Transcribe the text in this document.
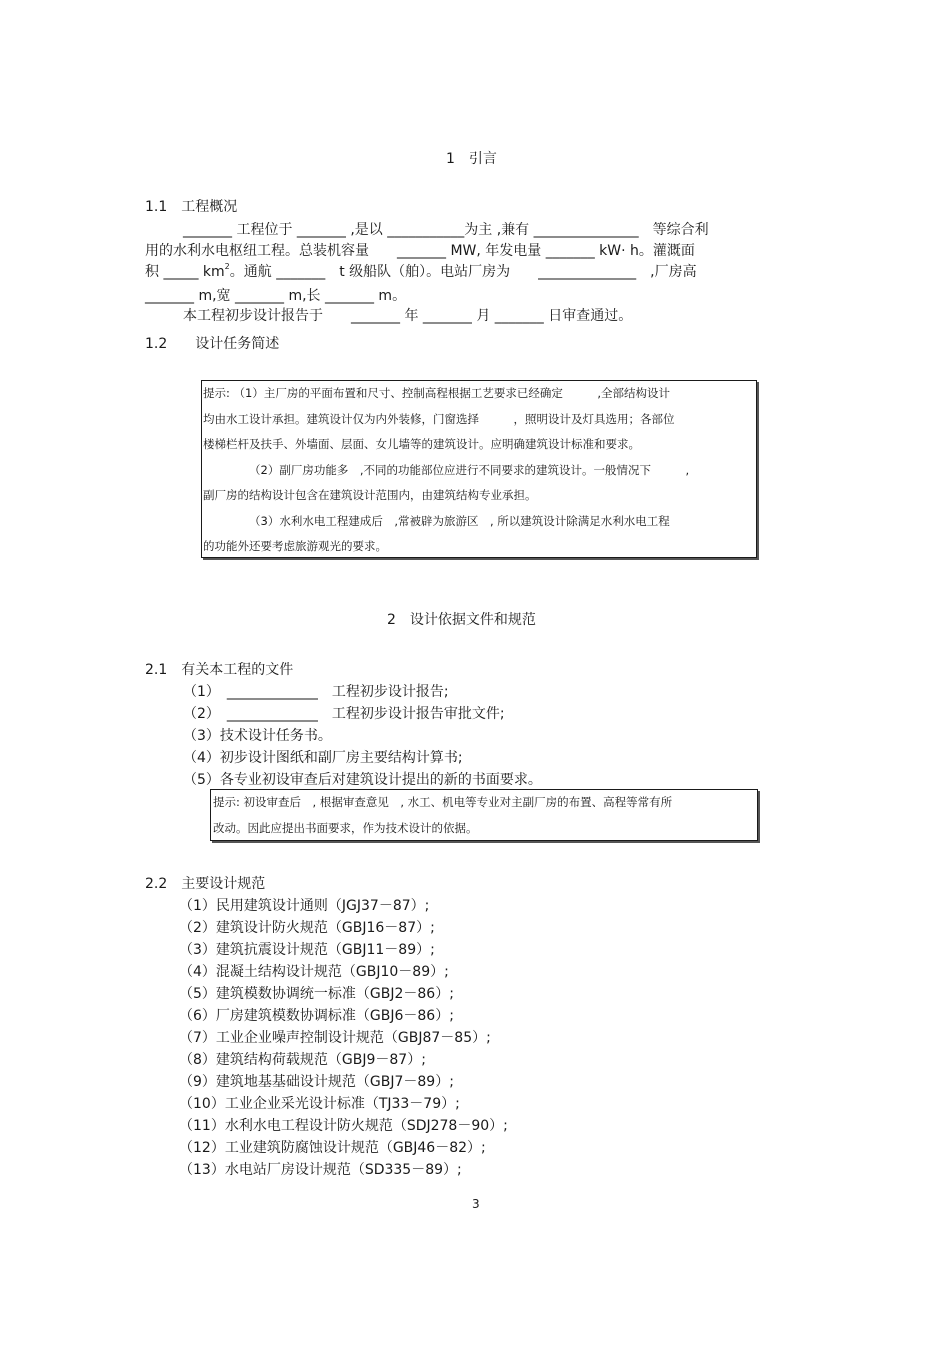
1　引言
1.1　工程概况
_______ 工程位于 _______ ,是以 ___________为主 ,兼有 _______________　等综合利
用的水利水电枢纽工程。总装机容量　　_______ MW, 年发电量 _______ kW· h。灌溉面
积 _____ $km^2$。通航 _______　t 级船队（舶）。电站厂房为　　______________　,厂房高
_______ m,宽 _______ m,长 _______ m。
本工程初步设计报告于　　_______ 年 _______ 月 _______ 日审查通过。
1.2　　设计任务简述
提示: （1）主厂房的平面布置和尺寸、控制高程根据工艺要求已经确定　　　,全部结构设计
均由水工设计承担。建筑设计仅为内外装修，门窗选择　　　，照明设计及灯具选用；各部位
楼梯栏杆及扶手、外墙面、层面、女儿墙等的建筑设计。应明确建筑设计标准和要求。
（2）副厂房功能多　,不同的功能部位应进行不同要求的建筑设计。一般情况下　　　,
副厂房的结构设计包含在建筑设计范围内，由建筑结构专业承担。
（3）水利水电工程建成后　,常被辟为旅游区　, 所以建筑设计除满足水利水电工程
的功能外还要考虑旅游观光的要求。
2　设计依据文件和规范
2.1　有关本工程的文件
（1）　_____________　工程初步设计报告;
（2）　_____________　工程初步设计报告审批文件;
（3）技术设计任务书。
（4）初步设计图纸和副厂房主要结构计算书;
（5）各专业初设审查后对建筑设计提出的新的书面要求。
提示: 初设审查后　, 根据审查意见　, 水工、机电等专业对主副厂房的布置、高程等常有所
改动。因此应提出书面要求，作为技术设计的依据。
2.2　主要设计规范
（1）民用建筑设计通则（JGJ37－87）;
（2）建筑设计防火规范（GBJ16－87）;
（3）建筑抗震设计规范（GBJ11－89）;
（4）混凝土结构设计规范（GBJ10－89）;
（5）建筑模数协调统一标准（GBJ2－86）;
（6）厂房建筑模数协调标准（GBJ6－86）;
（7）工业企业噪声控制设计规范（GBJ87－85）;
（8）建筑结构荷载规范（GBJ9－87）;
（9）建筑地基基础设计规范（GBJ7－89）;
（10）工业企业采光设计标准（TJ33－79）;
（11）水利水电工程设计防火规范（SDJ278－90）;
（12）工业建筑防腐蚀设计规范（GBJ46－82）;
（13）水电站厂房设计规范（SD335－89）;
3
